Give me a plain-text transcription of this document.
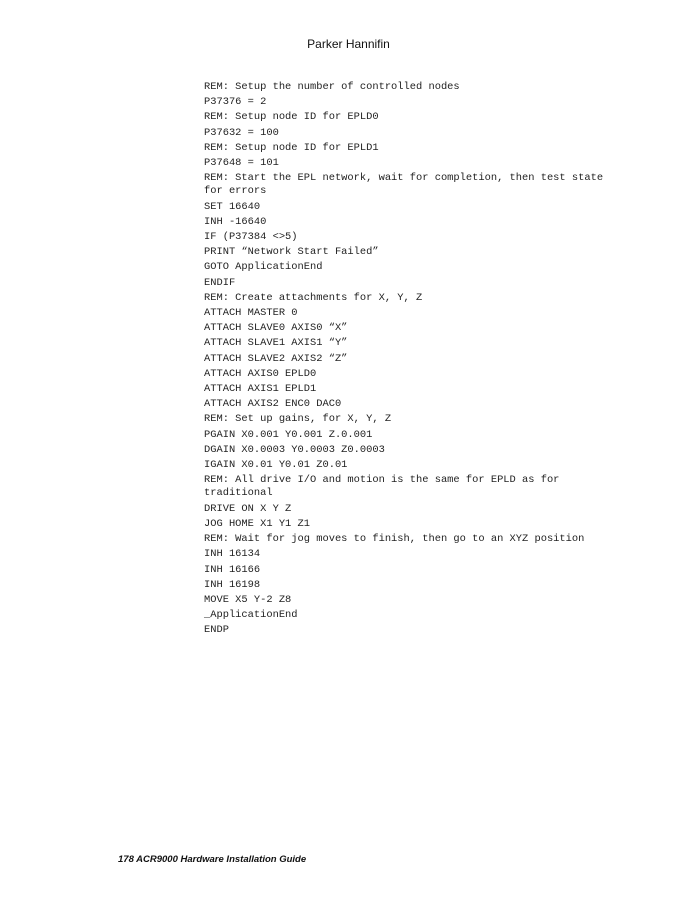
Parker Hannifin
REM: Setup the number of controlled nodes
P37376 = 2
REM: Setup node ID for EPLD0
P37632 = 100
REM: Setup node ID for EPLD1
P37648 = 101
REM: Start the EPL network, wait for completion, then test state for errors
SET 16640
INH -16640
IF (P37384 <>5)
PRINT “Network Start Failed”
GOTO ApplicationEnd
ENDIF
REM: Create attachments for X, Y, Z
ATTACH MASTER 0
ATTACH SLAVE0 AXIS0 “X”
ATTACH SLAVE1 AXIS1 “Y”
ATTACH SLAVE2 AXIS2 “Z”
ATTACH AXIS0 EPLD0
ATTACH AXIS1 EPLD1
ATTACH AXIS2 ENC0 DAC0
REM: Set up gains, for X, Y, Z
PGAIN X0.001 Y0.001 Z.0.001
DGAIN X0.0003 Y0.0003 Z0.0003
IGAIN X0.01 Y0.01 Z0.01
REM: All drive I/O and motion is the same for EPLD as for traditional
DRIVE ON X Y Z
JOG HOME X1 Y1 Z1
REM: Wait for jog moves to finish, then go to an XYZ position
INH 16134
INH 16166
INH 16198
MOVE X5 Y-2 Z8
_ApplicationEnd
ENDP
178 ACR9000 Hardware Installation Guide
